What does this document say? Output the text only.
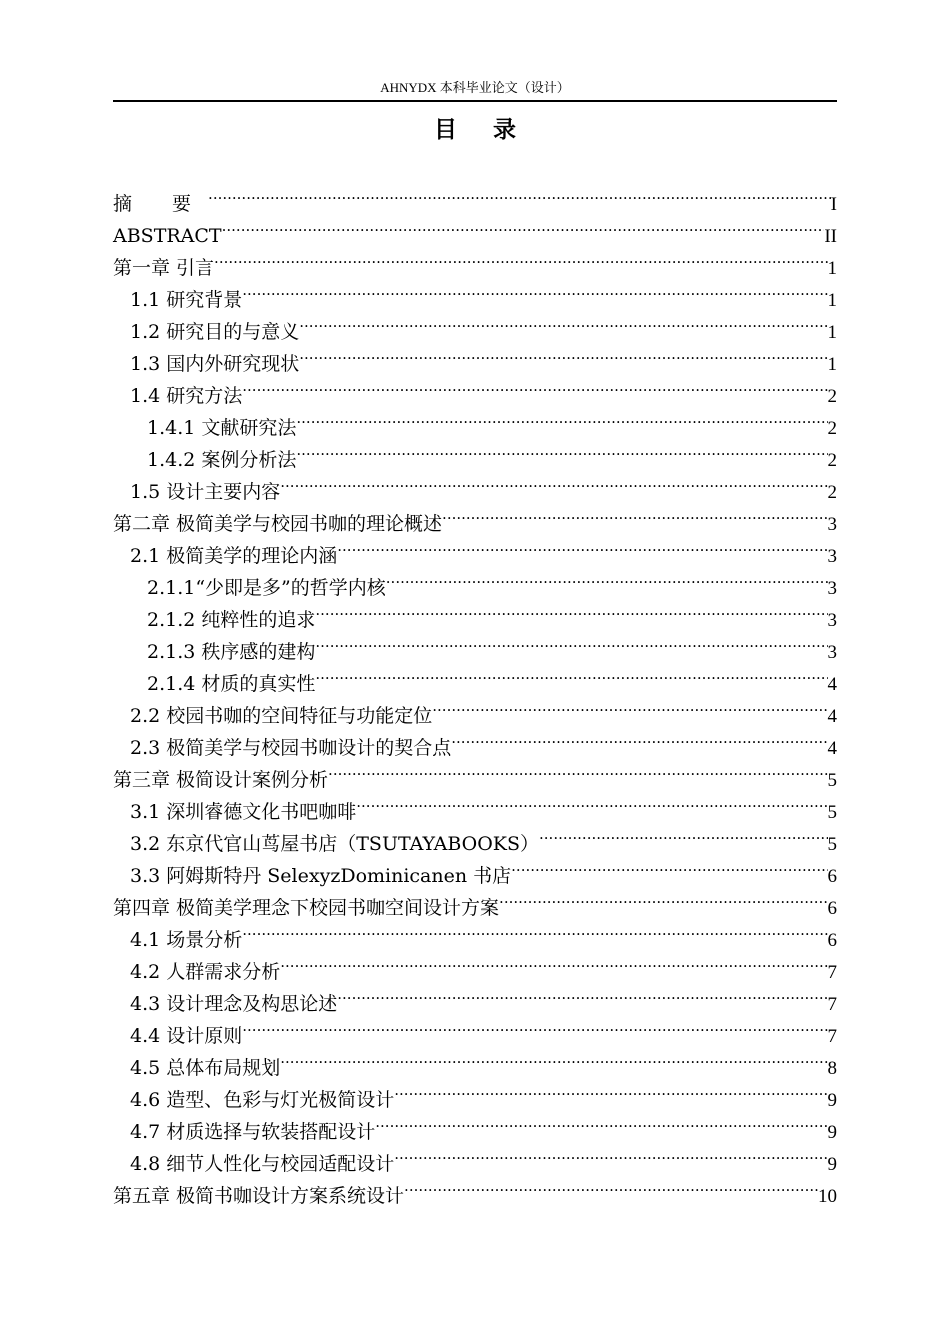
AHNYDX 本科毕业论文（设计）
目 录
摘 要 .....	I
ABSTRACT .....	II
第一章 引言 .....	1
1.1 研究背景 .....	1
1.2 研究目的与意义 .....	1
1.3 国内外研究现状 .....	1
1.4 研究方法 .....	2
1.4.1 文献研究法 .....	2
1.4.2 案例分析法 .....	2
1.5 设计主要内容 .....	2
第二章 极简美学与校园书咖的理论概述 .....	3
2.1 极简美学的理论内涵 .....	3
2.1.1“少即是多”的哲学内核 .....	3
2.1.2 纯粹性的追求 .....	3
2.1.3 秩序感的建构 .....	3
2.1.4 材质的真实性 .....	4
2.2 校园书咖的空间特征与功能定位 .....	4
2.3 极简美学与校园书咖设计的契合点 .....	4
第三章 极简设计案例分析 .....	5
3.1 深圳睿德文化书吧咖啡 .....	5
3.2 东京代官山茑屋书店（TSUTAYABOOKS） .....	5
3.3 阿姆斯特丹 SelexyzDominicanen 书店 .....	6
第四章 极简美学理念下校园书咖空间设计方案 .....	6
4.1 场景分析 .....	6
4.2 人群需求分析 .....	7
4.3 设计理念及构思论述 .....	7
4.4 设计原则 .....	7
4.5 总体布局规划 .....	8
4.6 造型、色彩与灯光极简设计 .....	9
4.7 材质选择与软装搭配设计 .....	9
4.8 细节人性化与校园适配设计 .....	9
第五章 极简书咖设计方案系统设计 .....	10
